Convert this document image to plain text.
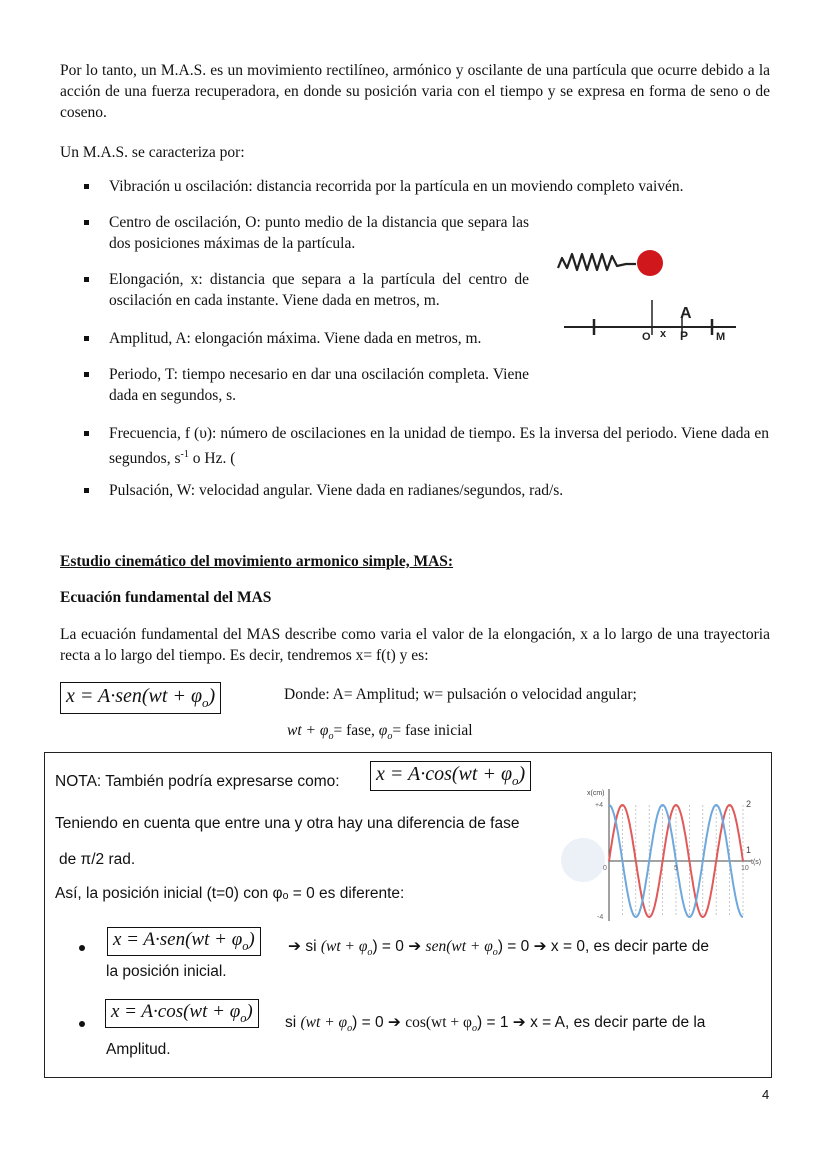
Por lo tanto, un M.A.S. es un movimiento rectilíneo, armónico y oscilante de una partícula que ocurre debido a la acción de una fuerza recuperadora, en donde su posición varia con el tiempo y se expresa en forma de seno o de coseno.
Un M.A.S. se caracteriza por:
Vibración u oscilación: distancia recorrida por la partícula en un moviendo completo vaivén.
Centro de oscilación, O: punto medio de la distancia que separa las dos posiciones máximas de la partícula.
Elongación, x: distancia que separa a la partícula del centro de oscilación en cada instante. Viene dada en metros, m.
Amplitud, A: elongación máxima. Viene dada en metros, m.
Periodo, T: tiempo necesario en dar una oscilación completa. Viene dada en segundos, s.
Frecuencia, f (υ): número de oscilaciones en la unidad de tiempo. Es la inversa del periodo. Viene dada en segundos, $s^{-1}$ o Hz. (
Pulsación, W: velocidad angular. Viene dada en radianes/segundos, rad/s.
A
O x P	M
Estudio cinemático del movimiento armonico simple, MAS:
Ecuación fundamental del MAS
La ecuación fundamental del MAS describe como varia el valor de la elongación, x a lo largo de una trayectoria recta a lo largo del tiempo. Es decir, tendremos x= f(t) y es:
$x = A\cdot sen(wt + \varphi_o)$	Donde: A= Amplitud; w= pulsación o velocidad angular;
wt + $\varphi_o=$ fase, $\varphi_o=$ fase inicial
NOTA: También podría expresarse como:	$x = A\cdot\cos(wt + \varphi_o)$
Teniendo en cuenta que entre una y otra hay una diferencia de fase
de π/2 rad.
Así, la posición inicial (t=0) con φₒ = 0 es diferente:
1
2
x(cm)
t(s)
+4
-4
0	5	10
$x = A\cdot sen(wt + \varphi_o)$	➔ si $(wt + \varphi_o) = 0$ ➔ $sen(wt + \varphi_o) = 0$ ➔ x = 0, es decir parte de
la posición inicial.
$x = A\cdot\cos(wt + \varphi_o)$
si $(wt + \varphi_o) = 0$ ➔ $\cos(wt + \varphi_o) = 1$ ➔ x = A, es decir parte de la
Amplitud.
4
